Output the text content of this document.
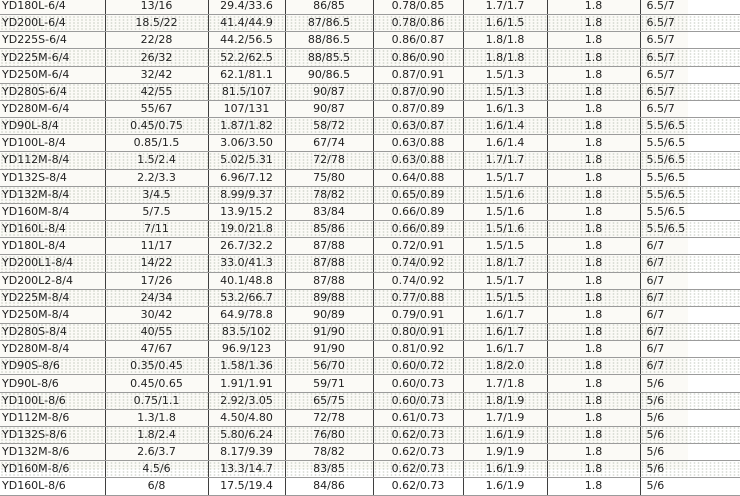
YD180L-6/4	13/16	29.4/33.6	86/85	0.78/0.85	1.7/1.7	1.8	6.5/7
YD200L-6/4	18.5/22	41.4/44.9	87/86.5	0.78/0.86	1.6/1.5	1.8	6.5/7
YD225S-6/4	22/28	44.2/56.5	88/86.5	0.86/0.87	1.8/1.8	1.8	6.5/7
YD225M-6/4	26/32	52.2/62.5	88/85.5	0.86/0.90	1.8/1.8	1.8	6.5/7
YD250M-6/4	32/42	62.1/81.1	90/86.5	0.87/0.91	1.5/1.3	1.8	6.5/7
YD280S-6/4	42/55	81.5/107	90/87	0.87/0.90	1.5/1.3	1.8	6.5/7
YD280M-6/4	55/67	107/131	90/87	0.87/0.89	1.6/1.3	1.8	6.5/7
YD90L-8/4	0.45/0.75	1.87/1.82	58/72	0.63/0.87	1.6/1.4	1.8	5.5/6.5
YD100L-8/4	0.85/1.5	3.06/3.50	67/74	0.63/0.88	1.6/1.4	1.8	5.5/6.5
YD112M-8/4	1.5/2.4	5.02/5.31	72/78	0.63/0.88	1.7/1.7	1.8	5.5/6.5
YD132S-8/4	2.2/3.3	6.96/7.12	75/80	0.64/0.88	1.5/1.7	1.8	5.5/6.5
YD132M-8/4	3/4.5	8.99/9.37	78/82	0.65/0.89	1.5/1.6	1.8	5.5/6.5
YD160M-8/4	5/7.5	13.9/15.2	83/84	0.66/0.89	1.5/1.6	1.8	5.5/6.5
YD160L-8/4	7/11	19.0/21.8	85/86	0.66/0.89	1.5/1.6	1.8	5.5/6.5
YD180L-8/4	11/17	26.7/32.2	87/88	0.72/0.91	1.5/1.5	1.8	6/7
YD200L1-8/4	14/22	33.0/41.3	87/88	0.74/0.92	1.8/1.7	1.8	6/7
YD200L2-8/4	17/26	40.1/48.8	87/88	0.74/0.92	1.5/1.7	1.8	6/7
YD225M-8/4	24/34	53.2/66.7	89/88	0.77/0.88	1.5/1.5	1.8	6/7
YD250M-8/4	30/42	64.9/78.8	90/89	0.79/0.91	1.6/1.7	1.8	6/7
YD280S-8/4	40/55	83.5/102	91/90	0.80/0.91	1.6/1.7	1.8	6/7
YD280M-8/4	47/67	96.9/123	91/90	0.81/0.92	1.6/1.7	1.8	6/7
YD90S-8/6	0.35/0.45	1.58/1.36	56/70	0.60/0.72	1.8/2.0	1.8	6/7
YD90L-8/6	0.45/0.65	1.91/1.91	59/71	0.60/0.73	1.7/1.8	1.8	5/6
YD100L-8/6	0.75/1.1	2.92/3.05	65/75	0.60/0.73	1.8/1.9	1.8	5/6
YD112M-8/6	1.3/1.8	4.50/4.80	72/78	0.61/0.73	1.7/1.9	1.8	5/6
YD132S-8/6	1.8/2.4	5.80/6.24	76/80	0.62/0.73	1.6/1.9	1.8	5/6
YD132M-8/6	2.6/3.7	8.17/9.39	78/82	0.62/0.73	1.9/1.9	1.8	5/6
YD160M-8/6	4.5/6	13.3/14.7	83/85	0.62/0.73	1.6/1.9	1.8	5/6
YD160L-8/6	6/8	17.5/19.4	84/86	0.62/0.73	1.6/1.9	1.8	5/6
